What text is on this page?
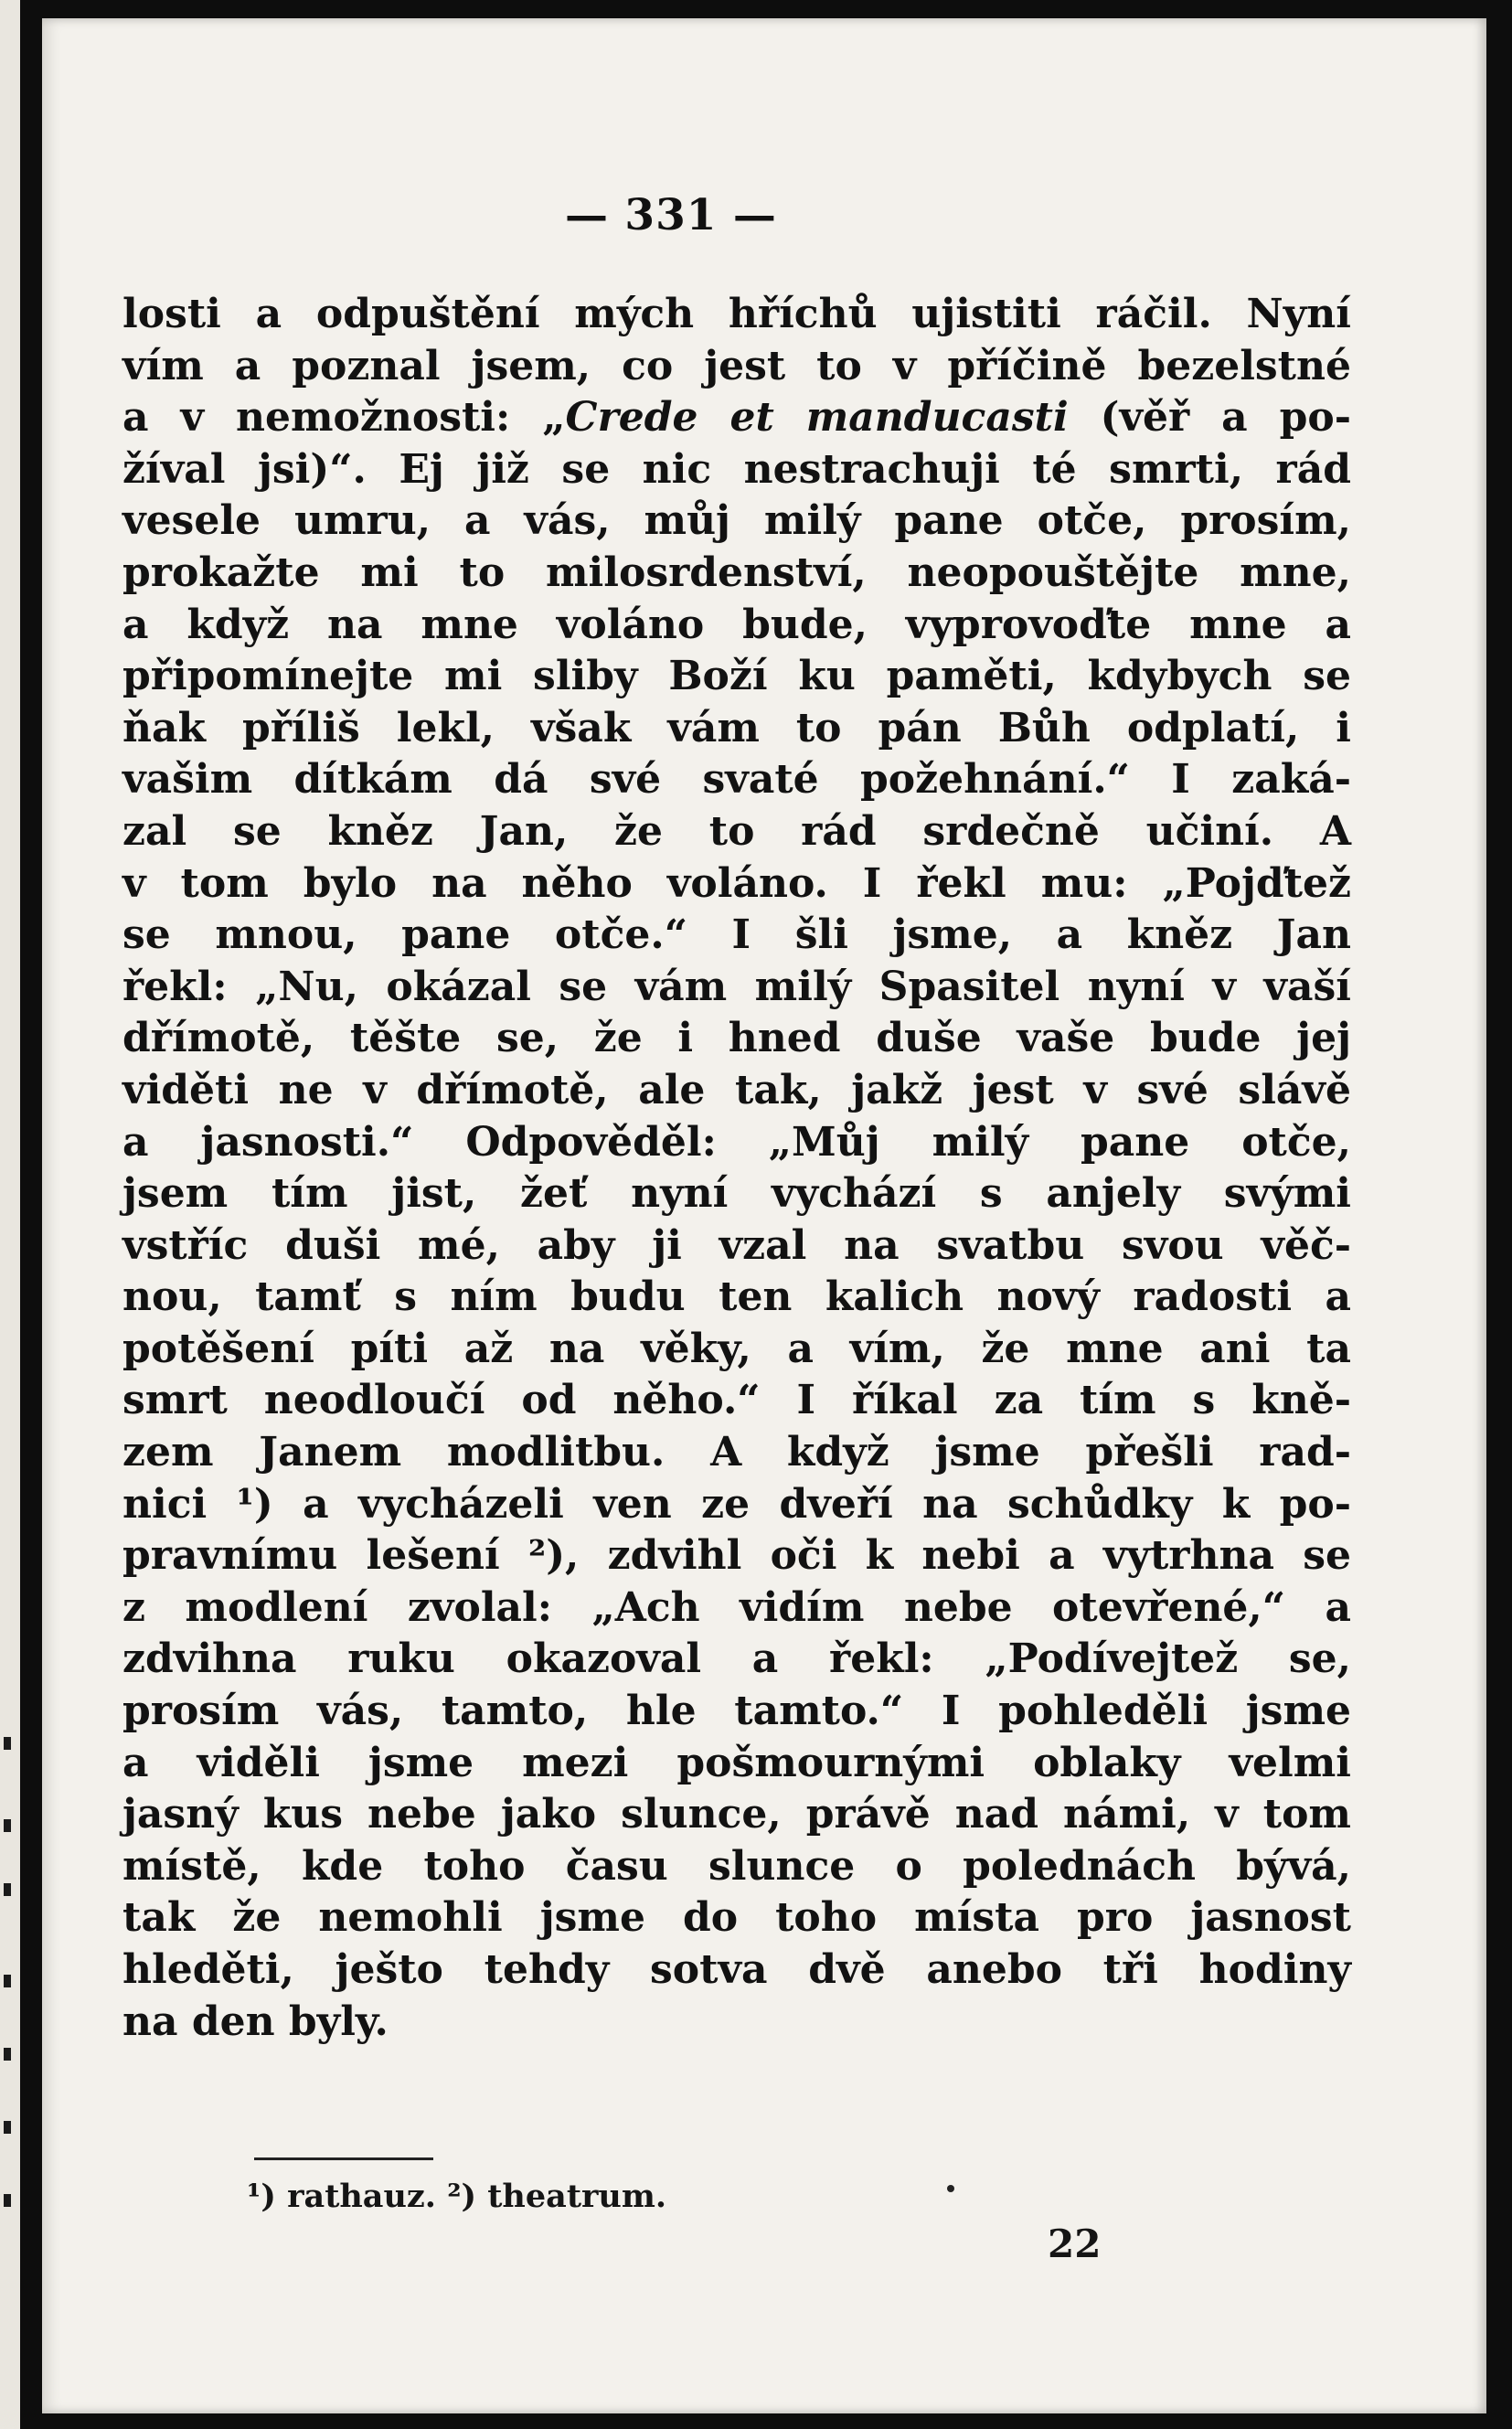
— 331 —
losti a odpuštění mých hříchů ujistiti ráčil. Nyní
vím a poznal jsem, co jest to v příčině bezelstné
a v nemožnosti: „Crede et manducasti (věř a po-
žíval jsi)“. Ej již se nic nestrachuji té smrti, rád
vesele umru, a vás, můj milý pane otče, prosím,
prokažte mi to milosrdenství, neopouštějte mne,
a když na mne voláno bude, vyprovoďte mne a
připomínejte mi sliby Boží ku paměti, kdybych se
ňak příliš lekl, však vám to pán Bůh odplatí, i
vašim dítkám dá své svaté požehnání.“ I zaká-
zal se kněz Jan, že to rád srdečně učiní. A
v tom bylo na něho voláno. I řekl mu: „Pojďtež
se mnou, pane otče.“ I šli jsme, a kněz Jan
řekl: „Nu, okázal se vám milý Spasitel nyní v vaší
dřímotě, těšte se, že i hned duše vaše bude jej
viděti ne v dřímotě, ale tak, jakž jest v své slávě
a jasnosti.“ Odpověděl: „Můj milý pane otče,
jsem tím jist, žeť nyní vychází s anjely svými
vstříc duši mé, aby ji vzal na svatbu svou věč-
nou, tamť s ním budu ten kalich nový radosti a
potěšení píti až na věky, a vím, že mne ani ta
smrt neodloučí od něho.“ I říkal za tím s kně-
zem Janem modlitbu. A když jsme přešli rad-
nici ¹) a vycházeli ven ze dveří na schůdky k po-
pravnímu lešení ²), zdvihl oči k nebi a vytrhna se
z modlení zvolal: „Ach vidím nebe otevřené,“ a
zdvihna ruku okazoval a řekl: „Podívejtež se,
prosím vás, tamto, hle tamto.“ I pohleděli jsme
a viděli jsme mezi pošmournými oblaky velmi
jasný kus nebe jako slunce, právě nad námi, v tom
místě, kde toho času slunce o polednách bývá,
tak že nemohli jsme do toho místa pro jasnost
hleděti, ješto tehdy sotva dvě anebo tři hodiny
na den byly.
¹) rathauz. ²) theatrum.
22
